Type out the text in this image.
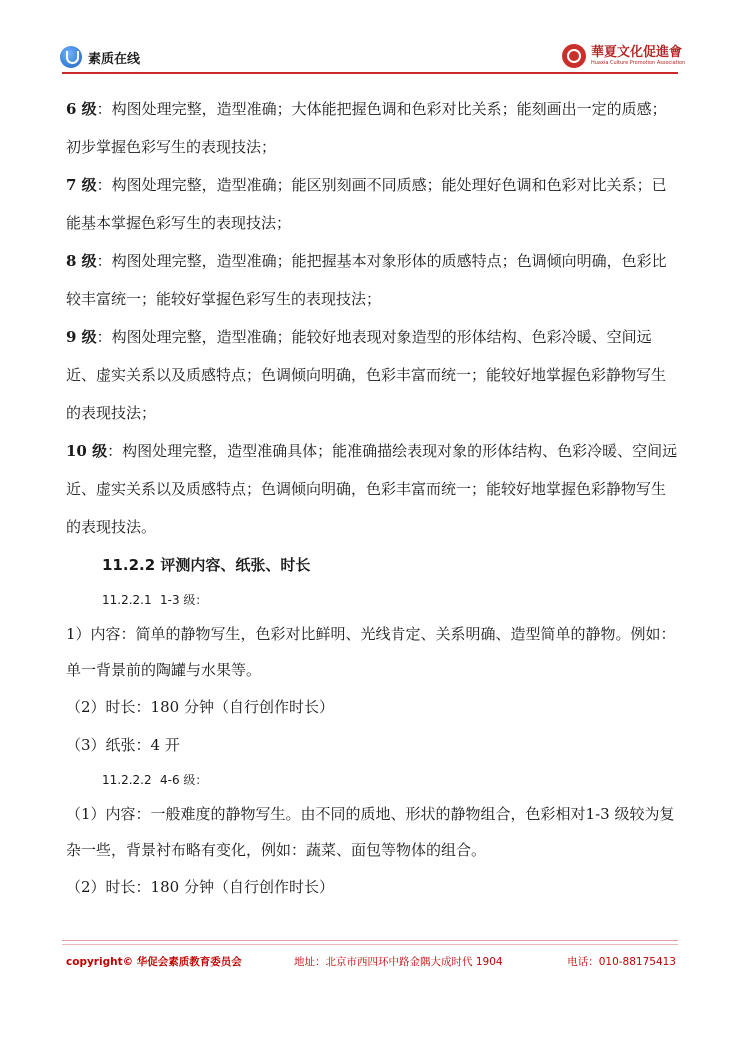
素质在线	華夏文化促進會
Huaxia Culture Promotion Association

6 级：构图处理完整，造型准确；大体能把握色调和色彩对比关系；能刻画出一定的质感；初步掌握色彩写生的表现技法；

7 级：构图处理完整，造型准确；能区别刻画不同质感；能处理好色调和色彩对比关系；已能基本掌握色彩写生的表现技法；

8 级：构图处理完整，造型准确；能把握基本对象形体的质感特点；色调倾向明确，色彩比较丰富统一；能较好掌握色彩写生的表现技法；

9 级：构图处理完整，造型准确；能较好地表现对象造型的形体结构、色彩冷暖、空间远近、虚实关系以及质感特点；色调倾向明确，色彩丰富而统一；能较好地掌握色彩静物写生的表现技法；

10 级：构图处理完整，造型准确具体；能准确描绘表现对象的形体结构、色彩冷暖、空间远近、虚实关系以及质感特点；色调倾向明确，色彩丰富而统一；能较好地掌握色彩静物写生的表现技法。

11.2.2 评测内容、纸张、时长

11.2.2.1 1-3 级：

1）内容：简单的静物写生，色彩对比鲜明、光线肯定、关系明确、造型简单的静物。例如：单一背景前的陶罐与水果等。

（2）时长：180 分钟（自行创作时长）

（3）纸张：4 开

11.2.2.2 4-6 级：

（1）内容：一般难度的静物写生。由不同的质地、形状的静物组合，色彩相对1-3 级较为复杂一些，背景衬布略有变化，例如：蔬菜、面包等物体的组合。

（2）时长：180 分钟（自行创作时长）

copyright© 华促会素质教育委员会	地址：北京市西四环中路金隅大成时代 1904	电话：010-88175413
